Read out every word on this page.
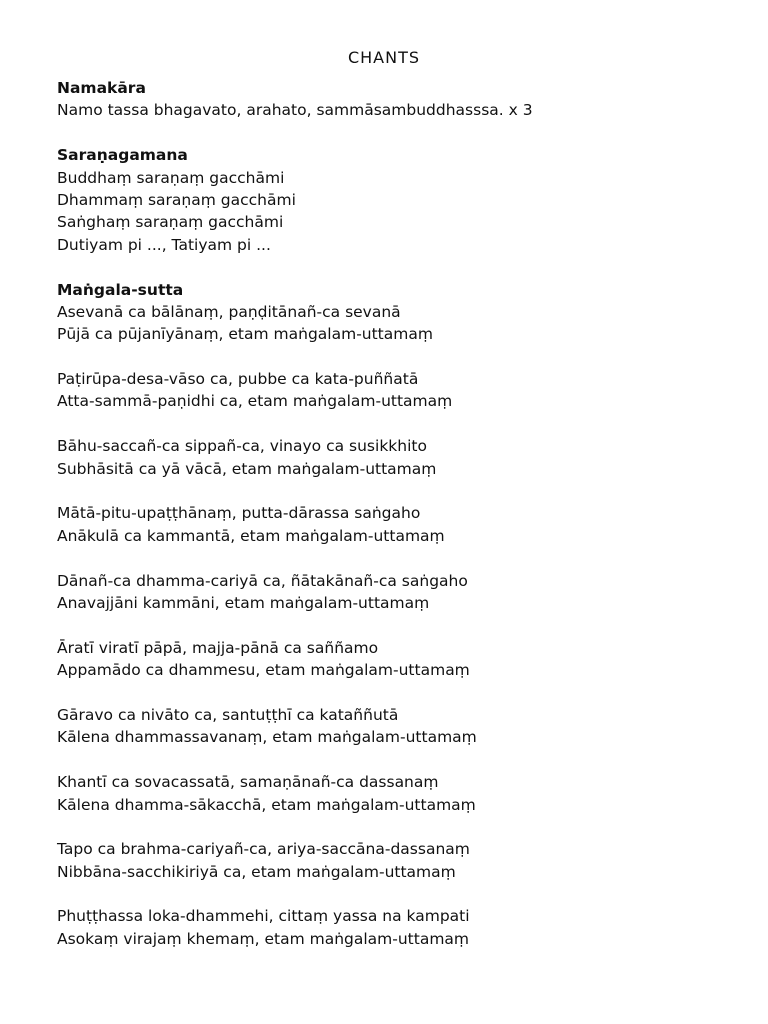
CHANTS
Namakāra
Namo tassa bhagavato, arahato, sammāsambuddhasssa. x 3
Saraṇagamana
Buddhaṃ saraṇaṃ gacchāmi
Dhammaṃ saraṇaṃ gacchāmi
Saṅghaṃ saraṇaṃ gacchāmi
Dutiyam pi ..., Tatiyam pi ...
Maṅgala-sutta
Asevanā ca bālānaṃ, paṇḍitānañ-ca sevanā
Pūjā ca pūjanīyānaṃ, etam maṅgalam-uttamaṃ
Paṭirūpa-desa-vāso ca, pubbe ca kata-puññatā
Atta-sammā-paṇidhi ca, etam maṅgalam-uttamaṃ
Bāhu-saccañ-ca sippañ-ca, vinayo ca susikkhito
Subhāsitā ca yā vācā, etam maṅgalam-uttamaṃ
Mātā-pitu-upaṭṭhānaṃ, putta-dārassa saṅgaho
Anākulā ca kammantā, etam maṅgalam-uttamaṃ
Dānañ-ca dhamma-cariyā ca, ñātakānañ-ca saṅgaho
Anavajjāni kammāni, etam maṅgalam-uttamaṃ
Āratī viratī pāpā, majja-pānā ca saññamo
Appamādo ca dhammesu, etam maṅgalam-uttamaṃ
Gāravo ca nivāto ca, santuṭṭhī ca kataññutā
Kālena dhammassavanaṃ, etam maṅgalam-uttamaṃ
Khantī ca sovacassatā, samaṇānañ-ca dassanaṃ
Kālena dhamma-sākacchā, etam maṅgalam-uttamaṃ
Tapo ca brahma-cariyañ-ca, ariya-saccāna-dassanaṃ
Nibbāna-sacchikiriyā ca, etam maṅgalam-uttamaṃ
Phuṭṭhassa loka-dhammehi, cittaṃ yassa na kampati
Asokaṃ virajaṃ khemaṃ, etam maṅgalam-uttamaṃ
